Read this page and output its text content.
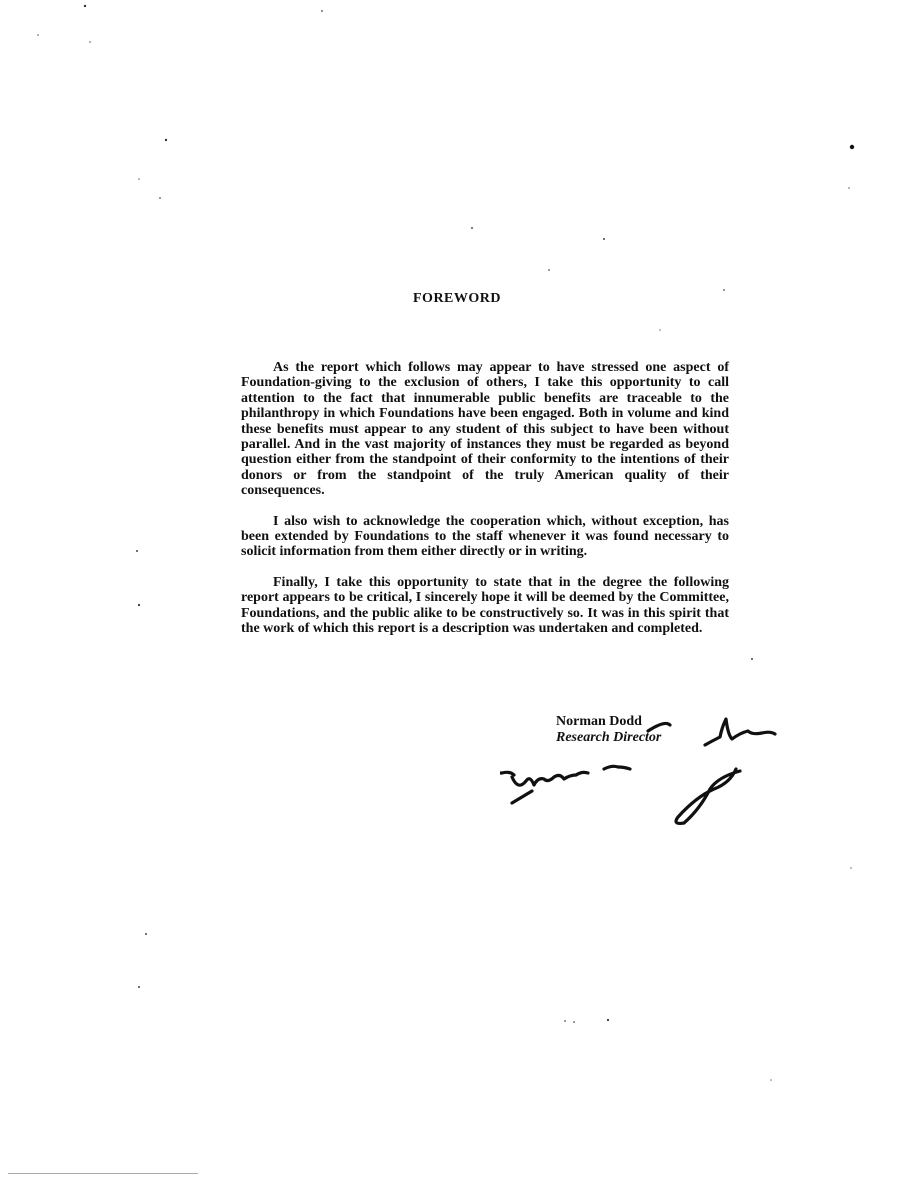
FOREWORD

As the report which follows may appear to have stressed one aspect of Foundation-giving to the exclusion of others, I take this opportunity to call attention to the fact that innumerable public benefits are traceable to the philanthropy in which Foundations have been engaged. Both in volume and kind these benefits must appear to any student of this subject to have been without parallel. And in the vast majority of instances they must be regarded as beyond question either from the standpoint of their conformity to the intentions of their donors or from the standpoint of the truly American quality of their consequences.

I also wish to acknowledge the cooperation which, without exception, has been extended by Foundations to the staff whenever it was found necessary to solicit information from them either directly or in writing.

Finally, I take this opportunity to state that in the degree the following report appears to be critical, I sincerely hope it will be deemed by the Committee, Foundations, and the public alike to be constructively so. It was in this spirit that the work of which this report is a description was undertaken and completed.

Norman Dodd
Research Director
